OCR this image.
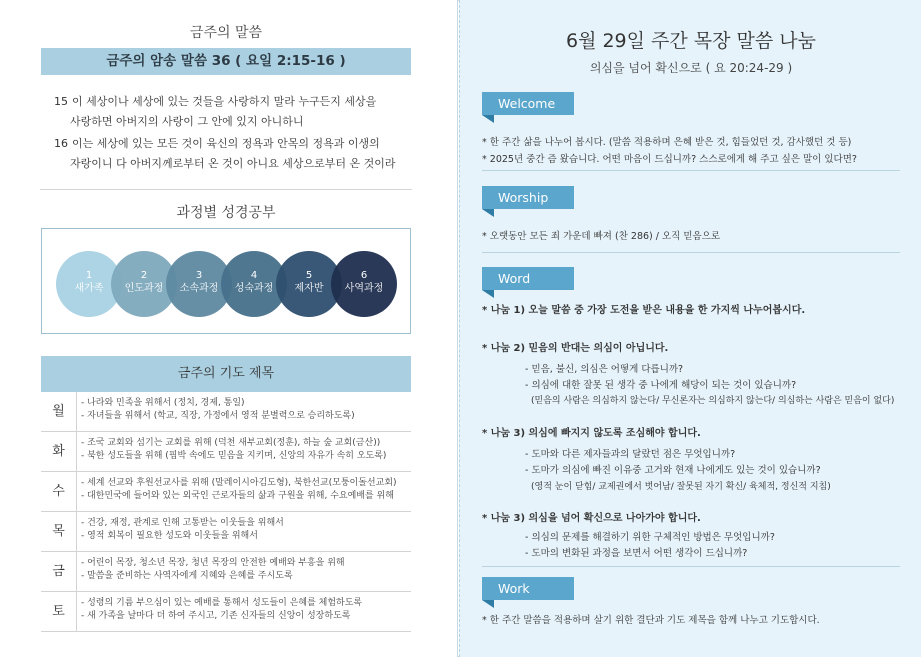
금주의 말씀
금주의 암송 말씀 36 ( 요일 2:15-16 )
15 이 세상이나 세상에 있는 것들을 사랑하지 말라 누구든지 세상을
사랑하면 아버지의 사랑이 그 안에 있지 아니하니
16 이는 세상에 있는 모든 것이 육신의 정욕과 안목의 정욕과 이생의
자랑이니 다 아버지께로부터 온 것이 아니요 세상으로부터 온 것이라
과정별 성경공부
1
새가족
2
인도과정
3
소속과정
4
성숙과정
5
제자반
6
사역과정
금주의 기도 제목
월
- 나라와 민족을 위해서 (정치, 경제, 통일)
- 자녀들을 위해서 (학교, 직장, 가정에서 영적 분별력으로 승리하도록)
화
- 조국 교회와 섬기는 교회를 위해 (덕천 새부교회(정훈), 하늘 숲 교회(금산))
- 북한 성도들을 위해 (핍박 속에도 믿음을 지키며, 신앙의 자유가 속히 오도록)
수
- 세계 선교와 후원선교사를 위해 (말레이시아김도형), 북한선교(모퉁이돌선교회)
- 대한민국에 들어와 있는 외국인 근로자들의 삶과 구원을 위해, 수요예배를 위해
목
- 건강, 재정, 관계로 인해 고통받는 이웃들을 위해서
- 영적 회복이 필요한 성도와 이웃들을 위해서
금
- 어린이 목장, 청소년 목장, 청년 목장의 안전한 예배와 부흥을 위해
- 말씀을 준비하는 사역자에게 지혜와 은혜를 주시도록
토
- 성령의 기름 부으심이 있는 예배를 통해서 성도들이 은혜를 체험하도록
- 새 가족을 날마다 더 하여 주시고, 기존 신자들의 신앙이 성장하도록
6월 29일 주간 목장 말씀 나눔
의심을 넘어 확신으로 ( 요 20:24-29 )
Welcome
* 한 주간 삶을 나누어 봅시다. (말씀 적용하며 은혜 받은 것, 힘들었던 것, 감사했던 것 등)
* 2025년 중간 즘 왔습니다. 어떤 마음이 드십니까? 스스로에게 해 주고 싶은 말이 있다면?
Worship
* 오랫동안 모든 죄 가운데 빠져 (찬 286) / 오직 믿음으로
Word
* 나눔 1) 오늘 말씀 중 가장 도전을 받은 내용을 한 가지씩 나누어봅시다.
* 나눔 2) 믿음의 반대는 의심이 아닙니다.
- 믿음, 불신, 의심은 어떻게 다릅니까?
- 의심에 대한 잘못 된 생각 중 나에게 해당이 되는 것이 있습니까?
(믿음의 사람은 의심하지 않는다/ 무신론자는 의심하지 않는다/ 의심하는 사람은 믿음이 없다)
* 나눔 3) 의심에 빠지지 않도록 조심해야 합니다.
- 도마와 다른 제자들과의 달랐던 점은 무엇입니까?
- 도마가 의심에 빠진 이유중 고거와 현재 나에게도 있는 것이 있습니까?
(영적 눈이 닫힘/ 교제권에서 벗어남/ 잘못된 자기 확신/ 육체적, 정신적 지침)
* 나눔 3) 의심을 넘어 확신으로 나아가야 합니다.
- 의심의 문제를 해결하기 위한 구체적인 방법은 무엇입니까?
- 도마의 변화된 과정을 보면서 어떤 생각이 드십니까?
Work
* 한 주간 말씀을 적용하며 살기 위한 결단과 기도 제목을 함께 나누고 기도합시다.
